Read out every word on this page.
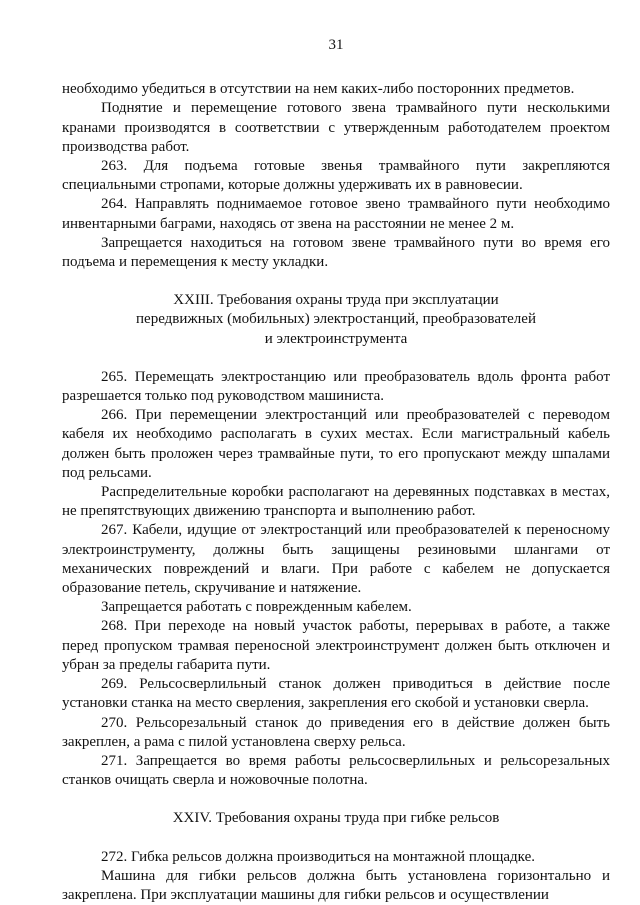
31

необходимо убедиться в отсутствии на нем каких-либо посторонних предметов.

Поднятие и перемещение готового звена трамвайного пути несколькими кранами производятся в соответствии с утвержденным работодателем проектом производства работ.

263. Для подъема готовые звенья трамвайного пути закрепляются специальными стропами, которые должны удерживать их в равновесии.

264. Направлять поднимаемое готовое звено трамвайного пути необходимо инвентарными баграми, находясь от звена на расстоянии не менее 2 м.

Запрещается находиться на готовом звене трамвайного пути во время его подъема и перемещения к месту укладки.

XXIII. Требования охраны труда при эксплуатации
передвижных (мобильных) электростанций, преобразователей
и электроинструмента

265. Перемещать электростанцию или преобразователь вдоль фронта работ разрешается только под руководством машиниста.

266. При перемещении электростанций или преобразователей с переводом кабеля их необходимо располагать в сухих местах. Если магистральный кабель должен быть проложен через трамвайные пути, то его пропускают между шпалами под рельсами.

Распределительные коробки располагают на деревянных подставках в местах, не препятствующих движению транспорта и выполнению работ.

267. Кабели, идущие от электростанций или преобразователей к переносному электроинструменту, должны быть защищены резиновыми шлангами от механических повреждений и влаги. При работе с кабелем не допускается образование петель, скручивание и натяжение.

Запрещается работать с поврежденным кабелем.

268. При переходе на новый участок работы, перерывах в работе, а также перед пропуском трамвая переносной электроинструмент должен быть отключен и убран за пределы габарита пути.

269. Рельсосверлильный станок должен приводиться в действие после установки станка на место сверления, закрепления его скобой и установки сверла.

270. Рельсорезальный станок до приведения его в действие должен быть закреплен, а рама с пилой установлена сверху рельса.

271. Запрещается во время работы рельсосверлильных и рельсорезальных станков очищать сверла и ножовочные полотна.

XXIV. Требования охраны труда при гибке рельсов

272. Гибка рельсов должна производиться на монтажной площадке.

Машина для гибки рельсов должна быть установлена горизонтально и закреплена. При эксплуатации машины для гибки рельсов и осуществлении
